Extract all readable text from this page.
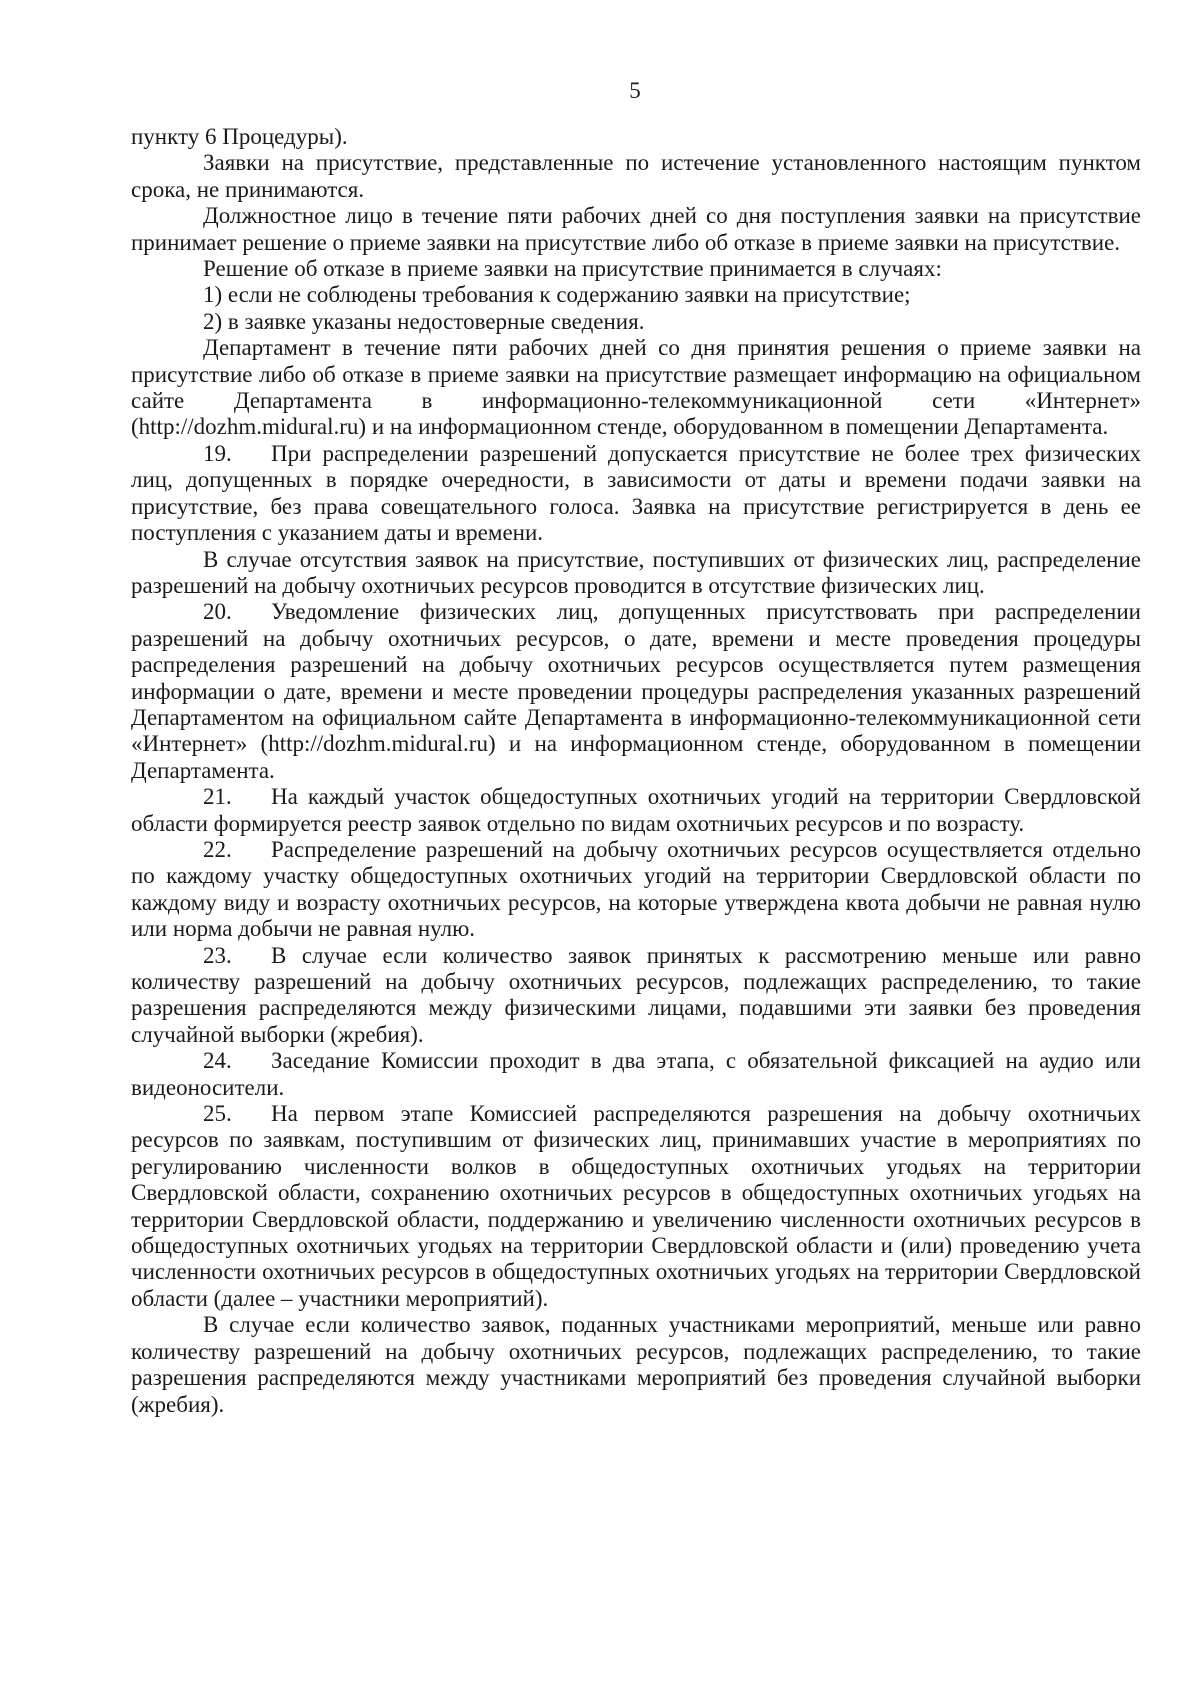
5

пункту 6 Процедуры).

Заявки на присутствие, представленные по истечение установленного настоящим пунктом срока, не принимаются.

Должностное лицо в течение пяти рабочих дней со дня поступления заявки на присутствие принимает решение о приеме заявки на присутствие либо об отказе в приеме заявки на присутствие.

Решение об отказе в приеме заявки на присутствие принимается в случаях:

1) если не соблюдены требования к содержанию заявки на присутствие;

2) в заявке указаны недостоверные сведения.

Департамент в течение пяти рабочих дней со дня принятия решения о приеме заявки на присутствие либо об отказе в приеме заявки на присутствие размещает информацию на официальном сайте Департамента в информационно-телекоммуникационной сети «Интернет» (http://dozhm.midural.ru) и на информационном стенде, оборудованном в помещении Департамента.

19. При распределении разрешений допускается присутствие не более трех физических лиц, допущенных в порядке очередности, в зависимости от даты и времени подачи заявки на присутствие, без права совещательного голоса. Заявка на присутствие регистрируется в день ее поступления с указанием даты и времени.

В случае отсутствия заявок на присутствие, поступивших от физических лиц, распределение разрешений на добычу охотничьих ресурсов проводится в отсутствие физических лиц.

20. Уведомление физических лиц, допущенных присутствовать при распределении разрешений на добычу охотничьих ресурсов, о дате, времени и месте проведения процедуры распределения разрешений на добычу охотничьих ресурсов осуществляется путем размещения информации о дате, времени и месте проведении процедуры распределения указанных разрешений Департаментом на официальном сайте Департамента в информационно-телекоммуникационной сети «Интернет» (http://dozhm.midural.ru) и на информационном стенде, оборудованном в помещении Департамента.

21. На каждый участок общедоступных охотничьих угодий на территории Свердловской области формируется реестр заявок отдельно по видам охотничьих ресурсов и по возрасту.

22. Распределение разрешений на добычу охотничьих ресурсов осуществляется отдельно по каждому участку общедоступных охотничьих угодий на территории Свердловской области по каждому виду и возрасту охотничьих ресурсов, на которые утверждена квота добычи не равная нулю или норма добычи не равная нулю.

23. В случае если количество заявок принятых к рассмотрению меньше или равно количеству разрешений на добычу охотничьих ресурсов, подлежащих распределению, то такие разрешения распределяются между физическими лицами, подавшими эти заявки без проведения случайной выборки (жребия).

24. Заседание Комиссии проходит в два этапа, с обязательной фиксацией на аудио или видеоносители.

25. На первом этапе Комиссией распределяются разрешения на добычу охотничьих ресурсов по заявкам, поступившим от физических лиц, принимавших участие в мероприятиях по регулированию численности волков в общедоступных охотничьих угодьях на территории Свердловской области, сохранению охотничьих ресурсов в общедоступных охотничьих угодьях на территории Свердловской области, поддержанию и увеличению численности охотничьих ресурсов в общедоступных охотничьих угодьях на территории Свердловской области и (или) проведению учета численности охотничьих ресурсов в общедоступных охотничьих угодьях на территории Свердловской области (далее – участники мероприятий).

В случае если количество заявок, поданных участниками мероприятий, меньше или равно количеству разрешений на добычу охотничьих ресурсов, подлежащих распределению, то такие разрешения распределяются между участниками мероприятий без проведения случайной выборки (жребия).
